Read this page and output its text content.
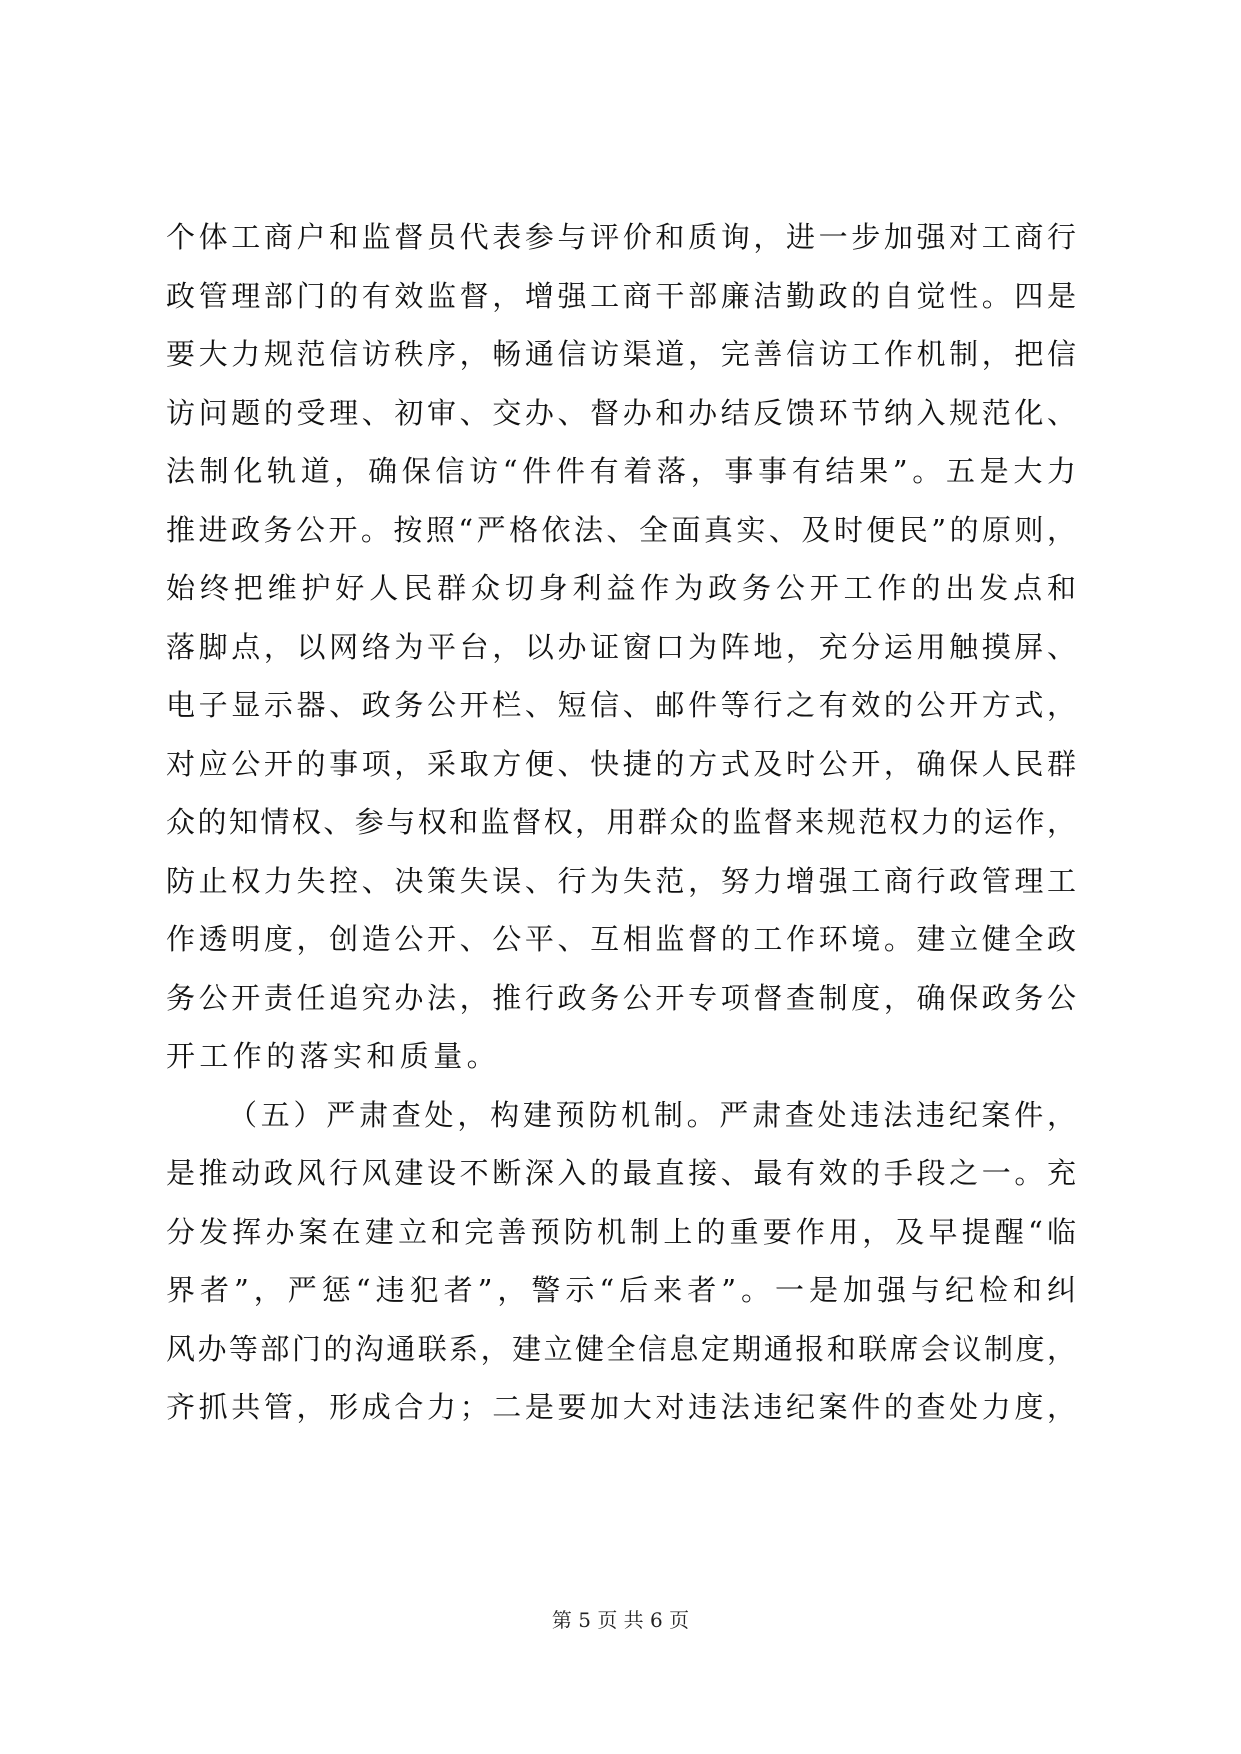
个体工商户和监督员代表参与评价和质询，进一步加强对工商行
政管理部门的有效监督，增强工商干部廉洁勤政的自觉性。四是
要大力规范信访秩序，畅通信访渠道，完善信访工作机制，把信
访问题的受理、初审、交办、督办和办结反馈环节纳入规范化、
法制化轨道，确保信访“件件有着落，事事有结果”。五是大力
推进政务公开。按照“严格依法、全面真实、及时便民”的原则，
始终把维护好人民群众切身利益作为政务公开工作的出发点和
落脚点，以网络为平台，以办证窗口为阵地，充分运用触摸屏、
电子显示器、政务公开栏、短信、邮件等行之有效的公开方式，
对应公开的事项，采取方便、快捷的方式及时公开，确保人民群
众的知情权、参与权和监督权，用群众的监督来规范权力的运作，
防止权力失控、决策失误、行为失范，努力增强工商行政管理工
作透明度，创造公开、公平、互相监督的工作环境。建立健全政
务公开责任追究办法，推行政务公开专项督查制度，确保政务公
开工作的落实和质量。
（五）严肃查处，构建预防机制。严肃查处违法违纪案件，
是推动政风行风建设不断深入的最直接、最有效的手段之一。充
分发挥办案在建立和完善预防机制上的重要作用，及早提醒“临
界者”，严惩“违犯者”，警示“后来者”。一是加强与纪检和纠
风办等部门的沟通联系，建立健全信息定期通报和联席会议制度，
齐抓共管，形成合力；二是要加大对违法违纪案件的查处力度，
第 5 页 共 6 页
